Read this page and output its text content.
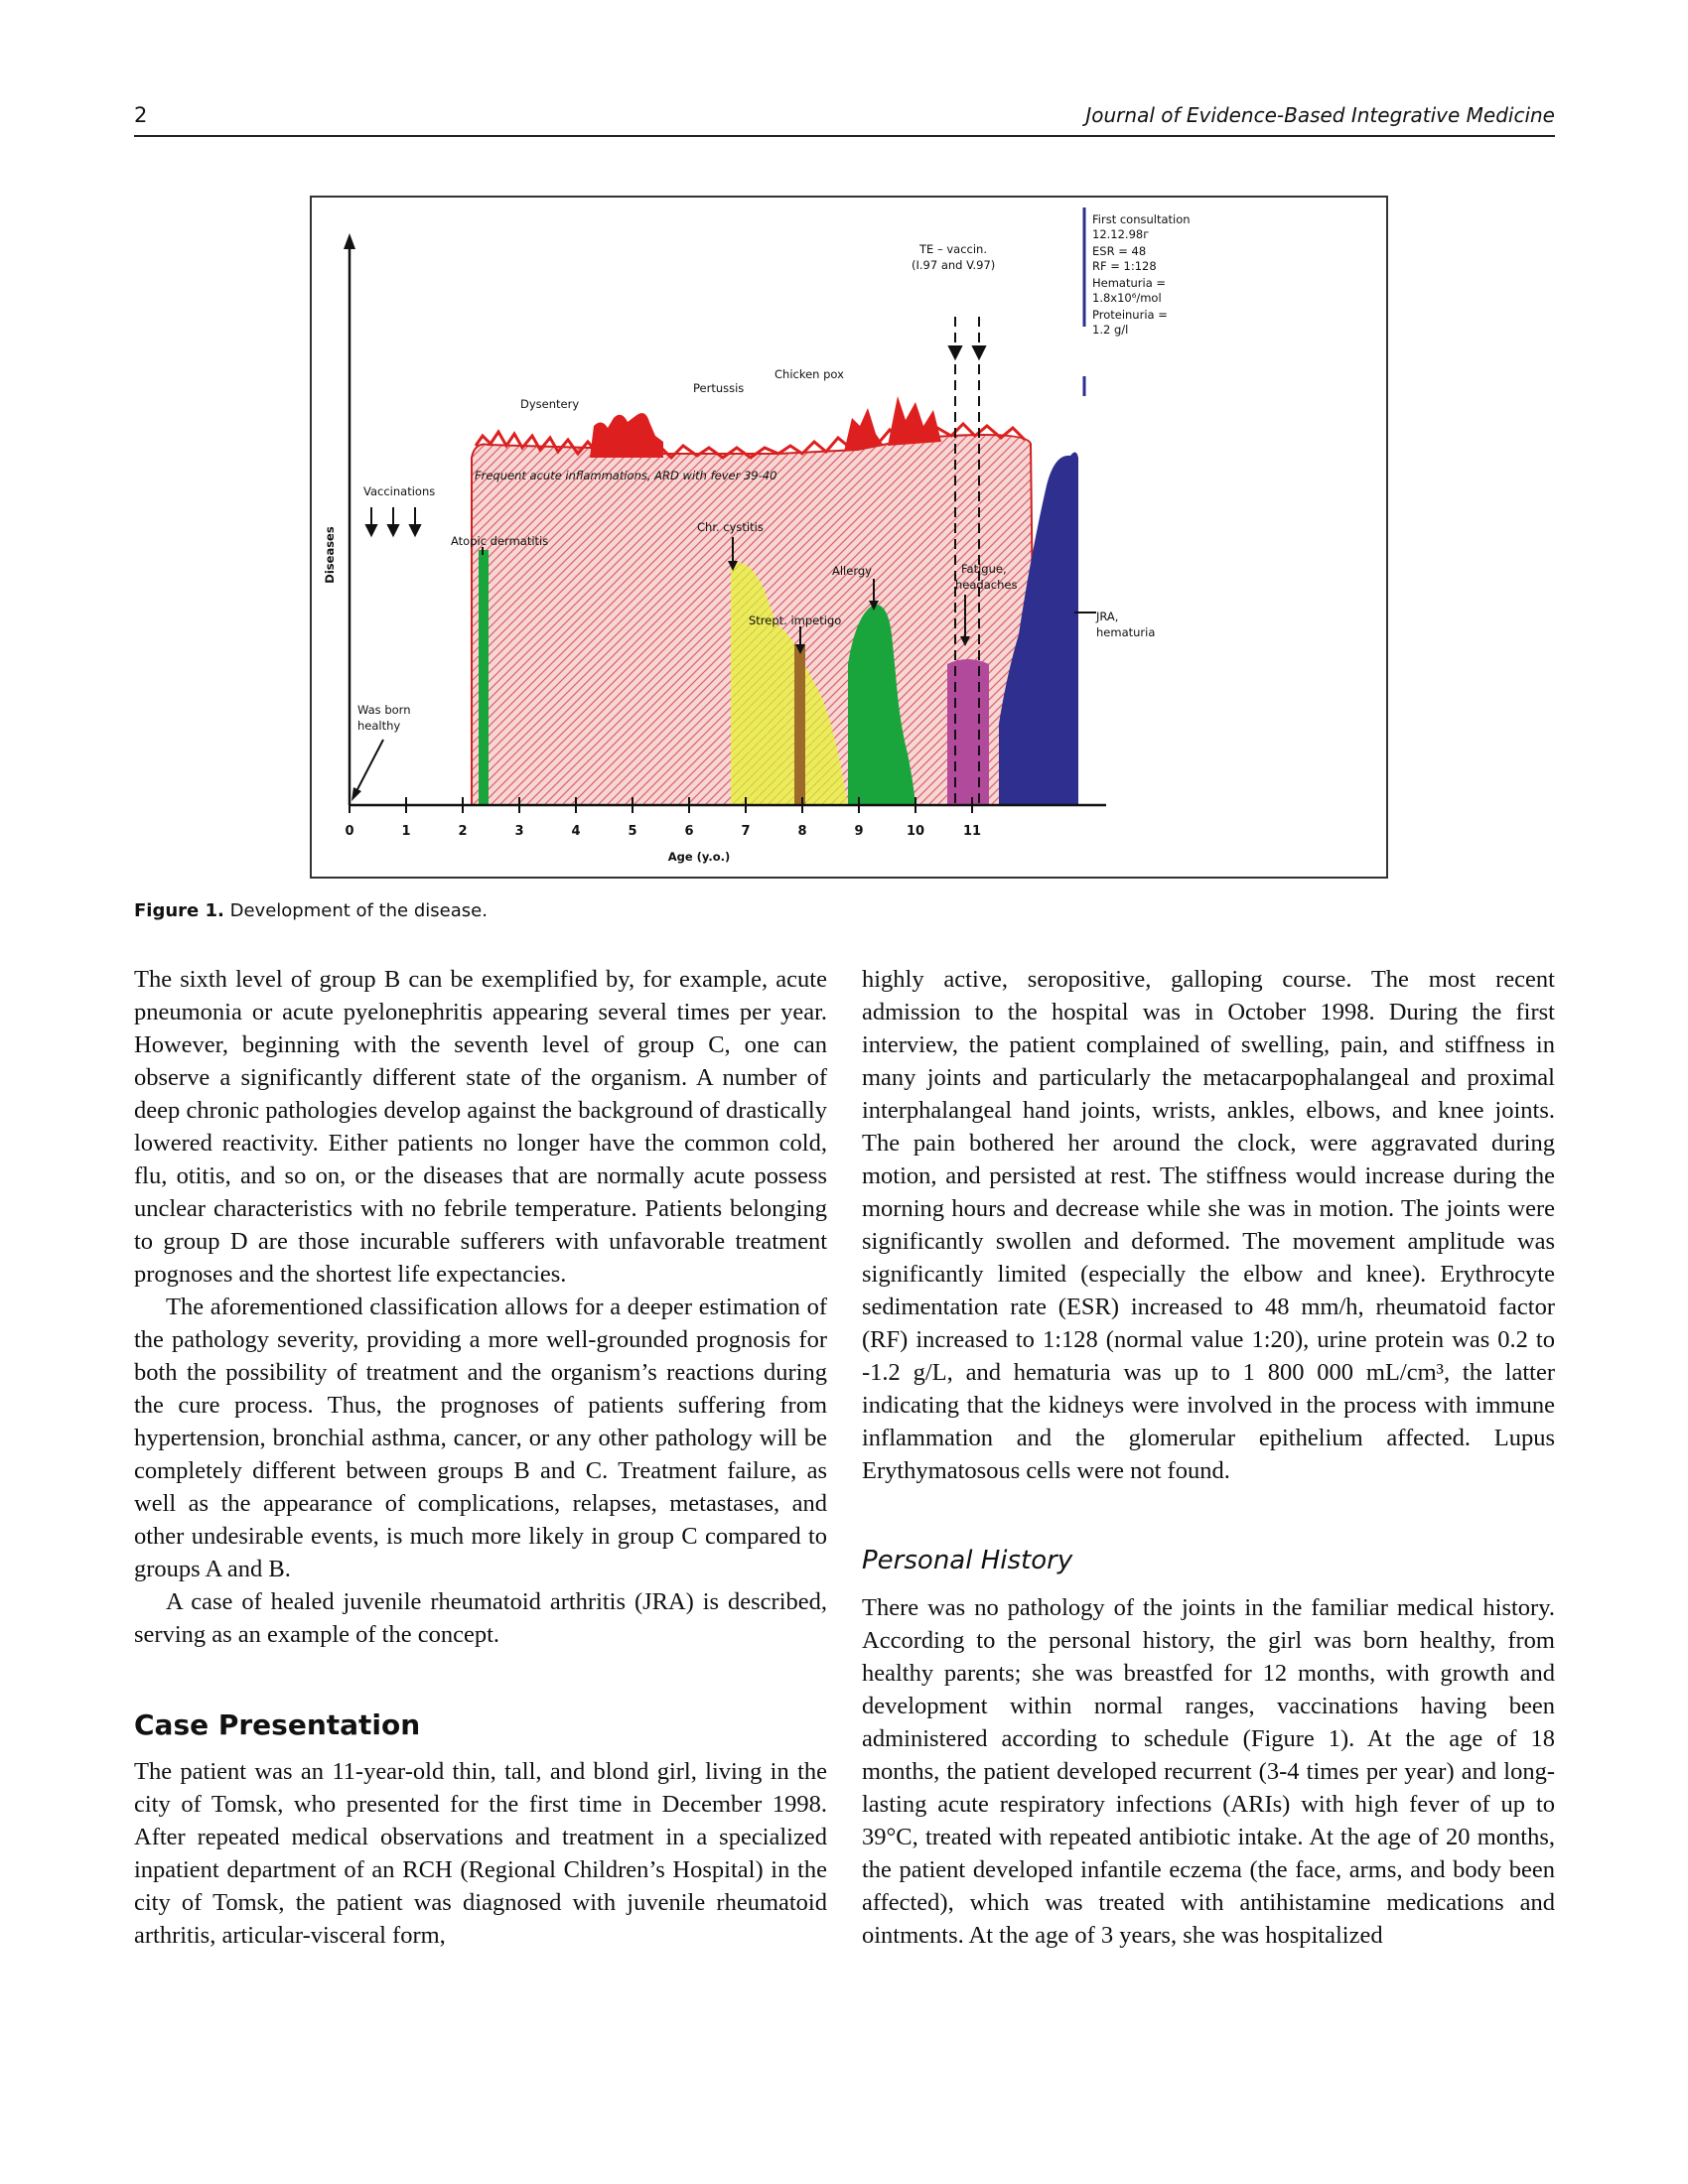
2	Journal of Evidence-Based Integrative Medicine
0	1	2	3	4	5	6	7	8	9	10	11
Diseases
Age (y.o.)
Vaccinations
Was born
healthy
Atopic dermatitis
Dysentery
Pertussis
Chicken pox
Frequent acute inflammations, ARD with fever 39-40
Chr. cystitis
Strept. impetigo
Allergy
TE – vaccin.
(I.97 and V.97)
Fatigue,
headaches
JRA,
hematuria
First consultation
12.12.98г
ESR = 48
RF = 1:128
Hematuria =
1.8x10⁶/mol
Proteinuria =
1.2 g/l
Figure 1. Development of the disease.

The sixth level of group B can be exemplified by, for example, acute pneumonia or acute pyelonephritis appearing several times per year. However, beginning with the seventh level of group C, one can observe a significantly different state of the organism. A number of deep chronic pathologies develop against the background of drastically lowered reactivity. Either patients no longer have the common cold, flu, otitis, and so on, or the diseases that are normally acute possess unclear characteristics with no febrile temperature. Patients belonging to group D are those incurable sufferers with unfavorable treatment prognoses and the shortest life expectancies.

The aforementioned classification allows for a deeper estimation of the pathology severity, providing a more well-grounded prognosis for both the possibility of treatment and the organism’s reactions during the cure process. Thus, the prognoses of patients suffering from hypertension, bronchial asthma, cancer, or any other pathology will be completely different between groups B and C. Treatment failure, as well as the appearance of complications, relapses, metastases, and other undesirable events, is much more likely in group C compared to groups A and B.

A case of healed juvenile rheumatoid arthritis (JRA) is described, serving as an example of the concept.

Case Presentation

The patient was an 11-year-old thin, tall, and blond girl, living in the city of Tomsk, who presented for the first time in December 1998. After repeated medical observations and treatment in a specialized inpatient department of an RCH (Regional Children’s Hospital) in the city of Tomsk, the patient was diagnosed with juvenile rheumatoid arthritis, articular-visceral form,

highly active, seropositive, galloping course. The most recent admission to the hospital was in October 1998. During the first interview, the patient complained of swelling, pain, and stiffness in many joints and particularly the metacarpophalangeal and proximal interphalangeal hand joints, wrists, ankles, elbows, and knee joints. The pain bothered her around the clock, were aggravated during motion, and persisted at rest. The stiffness would increase during the morning hours and decrease while she was in motion. The joints were significantly swollen and deformed. The movement amplitude was significantly limited (especially the elbow and knee). Erythrocyte sedimentation rate (ESR) increased to 48 mm/h, rheumatoid factor (RF) increased to 1:128 (normal value 1:20), urine protein was 0.2 to -1.2 g/L, and hematuria was up to 1 800 000 mL/cm³, the latter indicating that the kidneys were involved in the process with immune inflammation and the glomerular epithelium affected. Lupus Erythymatosous cells were not found.

Personal History

There was no pathology of the joints in the familiar medical history. According to the personal history, the girl was born healthy, from healthy parents; she was breastfed for 12 months, with growth and development within normal ranges, vaccinations having been administered according to schedule (Figure 1). At the age of 18 months, the patient developed recurrent (3-4 times per year) and long-lasting acute respiratory infections (ARIs) with high fever of up to 39°C, treated with repeated antibiotic intake. At the age of 20 months, the patient developed infantile eczema (the face, arms, and body been affected), which was treated with antihistamine medications and ointments. At the age of 3 years, she was hospitalized
